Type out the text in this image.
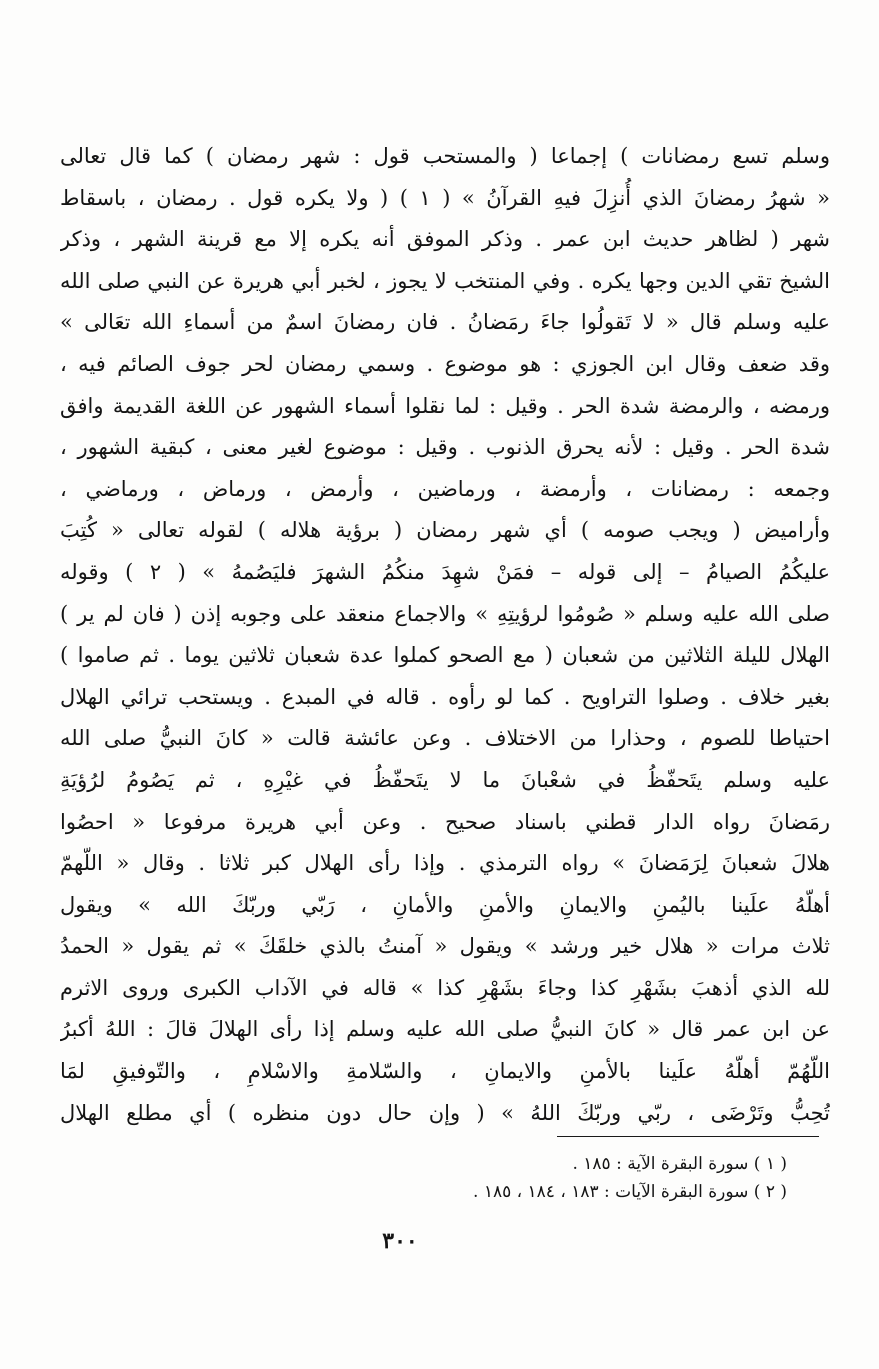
وسلم تسع رمضانات ) إجماعا ( والمستحب قول : شهر رمضان ) كما قال تعالى
« شهرُ رمضانَ الذي أُنزِلَ فيهِ القرآنُ » ( ١ ) ( ولا يكره قول . رمضان ، باسقاط
شهر ( لظاهر حديث ابن عمر . وذكر الموفق أنه يكره إلا مع قرينة الشهر ، وذكر
الشيخ تقي الدين وجها يكره . وفي المنتخب لا يجوز ، لخبر أبي هريرة عن النبي صلى الله
عليه وسلم قال « لا تَقولُوا جاءَ رمَضانُ . فان رمضانَ اسمٌ من أسماءِ الله تعَالى »
وقد ضعف وقال ابن الجوزي : هو موضوع . وسمي رمضان لحر جوف الصائم فيه ،
ورمضه ، والرمضة شدة الحر . وقيل : لما نقلوا أسماء الشهور عن اللغة القديمة وافق
شدة الحر . وقيل : لأنه يحرق الذنوب . وقيل : موضوع لغير معنى ، كبقية الشهور ،
وجمعه : رمضانات ، وأرمضة ، ورماضين ، وأرمض ، ورماض ، ورماضي ،
وأراميض ( ويجب صومه ) أي شهر رمضان ( برؤية هلاله ) لقوله تعالى « كُتِبَ
عليكُمُ الصيامُ – إلى قوله – فمَنْ شهِدَ منكُمُ الشهرَ فليَصُمهُ » ( ٢ ) وقوله
صلى الله عليه وسلم « صُومُوا لرؤيتِهِ » والاجماع منعقد على وجوبه إذن ( فان لم ير )
الهلال لليلة الثلاثين من شعبان ( مع الصحو كملوا عدة شعبان ثلاثين يوما . ثم صاموا )
بغير خلاف . وصلوا التراويح . كما لو رأوه . قاله في المبدع . ويستحب ترائي الهلال
احتياطا للصوم ، وحذارا من الاختلاف . وعن عائشة قالت « كانَ النبيُّ صلى الله
عليه وسلم يتَحفّظُ في شعْبانَ ما لا يتَحفّظُ في غيْرِهِ ، ثم يَصُومُ لرُؤيَةِ
رمَضانَ رواه الدار قطني باسناد صحيح . وعن أبي هريرة مرفوعا « احصُوا
هلالَ شعبانَ لِرَمَضانَ » رواه الترمذي . وإذا رأى الهلال كبر ثلاثا . وقال « اللّهمّ
أهلّهُ علَينا باليُمنِ والايمانِ والأمنِ والأمانِ ، رَبّي وربّكَ الله » ويقول
ثلاث مرات « هلال خير ورشد » ويقول « آمنتُ بالذي خلقَكَ » ثم يقول « الحمدُ
لله الذي أذهبَ بشَهْرِ كذا وجاءَ بشَهْرِ كذا » قاله في الآداب الكبرى وروى الاثرم
عن ابن عمر قال « كانَ النبيُّ صلى الله عليه وسلم إذا رأى الهلالَ قالَ : اللهُ أكبرُ
اللّهُمّ أهلّهُ علَينا بالأمنِ والايمانِ ، والسّلامةِ والاسْلامِ ، والتّوفيقِ لمَا
تُحِبُّ وتَرْضَى ، ربّي وربّكَ اللهُ » ( وإن حال دون منظره ) أي مطلع الهلال
( ١ ) سورة البقرة الآية : ١٨٥ .
( ٢ ) سورة البقرة الآيات : ١٨٣ ، ١٨٤ ، ١٨٥ .
٣٠٠
